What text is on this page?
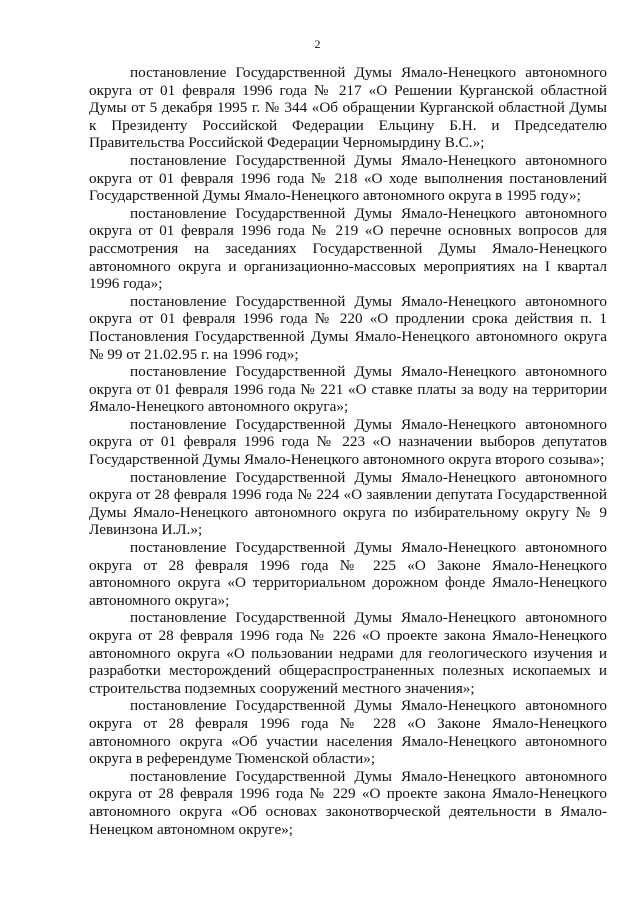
2

постановление Государственной Думы Ямало-Ненецкого автономного округа от 01 февраля 1996 года № 217 «О Решении Курганской областной Думы от 5 декабря 1995 г. № 344 «Об обращении Курганской областной Думы к Президенту Российской Федерации Ельцину Б.Н. и Председателю Правительства Российской Федерации Черномырдину В.С.»;

постановление Государственной Думы Ямало-Ненецкого автономного округа от 01 февраля 1996 года № 218 «О ходе выполнения постановлений Государственной Думы Ямало-Ненецкого автономного округа в 1995 году»;

постановление Государственной Думы Ямало-Ненецкого автономного округа от 01 февраля 1996 года № 219 «О перечне основных вопросов для рассмотрения на заседаниях Государственной Думы Ямало-Ненецкого автономного округа и организационно-массовых мероприятиях на I квартал 1996 года»;

постановление Государственной Думы Ямало-Ненецкого автономного округа от 01 февраля 1996 года № 220 «О продлении срока действия п. 1 Постановления Государственной Думы Ямало-Ненецкого автономного округа № 99 от 21.02.95 г. на 1996 год»;

постановление Государственной Думы Ямало-Ненецкого автономного округа от 01 февраля 1996 года № 221 «О ставке платы за воду на территории Ямало-Ненецкого автономного округа»;

постановление Государственной Думы Ямало-Ненецкого автономного округа от 01 февраля 1996 года № 223 «О назначении выборов депутатов Государственной Думы Ямало-Ненецкого автономного округа второго созыва»;

постановление Государственной Думы Ямало-Ненецкого автономного округа от 28 февраля 1996 года № 224 «О заявлении депутата Государственной Думы Ямало-Ненецкого автономного округа по избирательному округу № 9 Левинзона И.Л.»;

постановление Государственной Думы Ямало-Ненецкого автономного округа от 28 февраля 1996 года № 225 «О Законе Ямало-Ненецкого автономного округа «О территориальном дорожном фонде Ямало-Ненецкого автономного округа»;

постановление Государственной Думы Ямало-Ненецкого автономного округа от 28 февраля 1996 года № 226 «О проекте закона Ямало-Ненецкого автономного округа «О пользовании недрами для геологического изучения и разработки месторождений общераспространенных полезных ископаемых и строительства подземных сооружений местного значения»;

постановление Государственной Думы Ямало-Ненецкого автономного округа от 28 февраля 1996 года № 228 «О Законе Ямало-Ненецкого автономного округа «Об участии населения Ямало-Ненецкого автономного округа в референдуме Тюменской области»;

постановление Государственной Думы Ямало-Ненецкого автономного округа от 28 февраля 1996 года № 229 «О проекте закона Ямало-Ненецкого автономного округа «Об основах законотворческой деятельности в Ямало-Ненецком автономном округе»;
